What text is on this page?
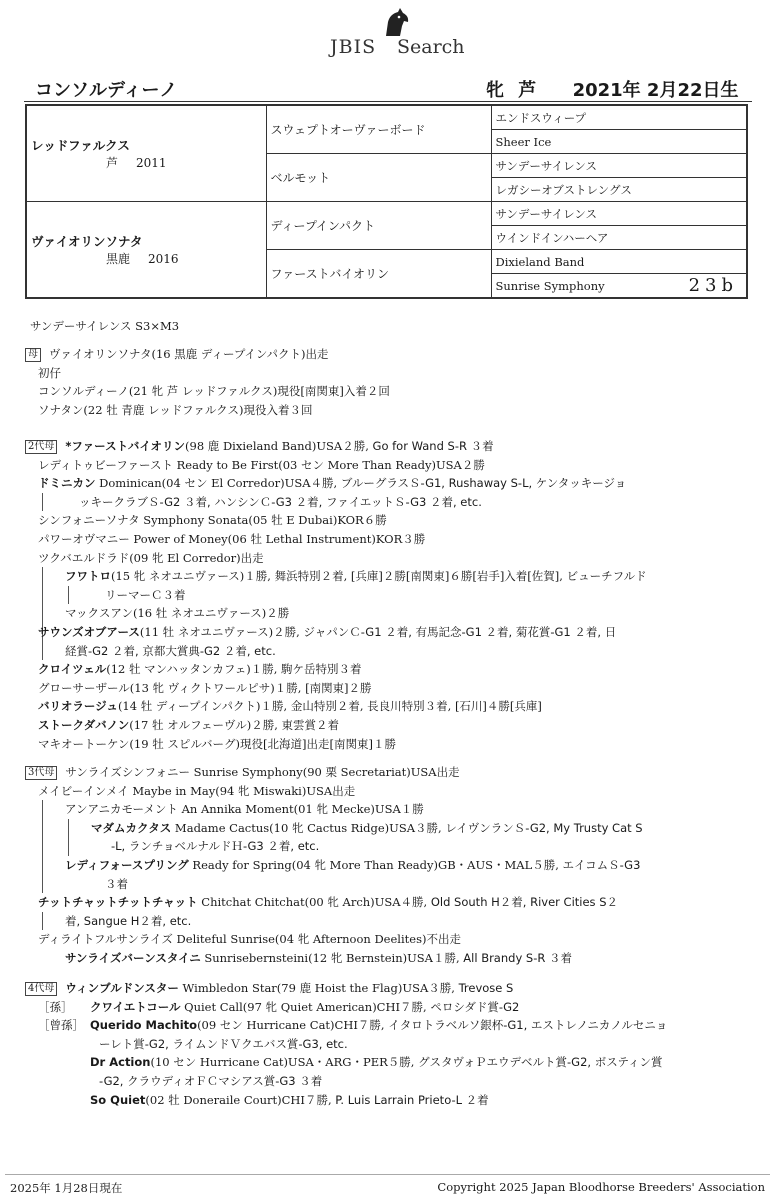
JBIS Search
コンソルディーノ	牝 芦 2021年 2月22日生
レッドファルクス
芦 2011	スウェプトオーヴァーボード	エンドスウィープ
		Sheer Ice
	ベルモット	サンデーサイレンス
		レガシーオブストレングス

ヴァイオリンソナタ
黒鹿 2016	ディープインパクト	サンデーサイレンス
		ウインドインハーヘア
	ファーストバイオリン	Dixieland Band
		Sunrise Symphony 23b
サンデーサイレンス S3×M3
母 ヴァイオリンソナタ(16 黒鹿 ディープインパクト)出走
初仔
コンソルディーノ(21 牝 芦 レッドファルクス)現役[南関東]入着２回
ソナタン(22 牡 青鹿 レッドファルクス)現役入着３回
2代母 *ファーストバイオリン(98 鹿 Dixieland Band)USA２勝, Go for Wand S-R ３着
レディトゥビーファースト Ready to Be First(03 セン More Than Ready)USA２勝
ドミニカン Dominican(04 セン El Corredor)USA４勝, ブルーグラスＳ-G1, Rushaway S-L, ケンタッキージョ
ッキークラブＳ-G2 ３着, ハンシンＣ-G3 ２着, ファイエットＳ-G3 ２着, etc.
シンフォニーソナタ Symphony Sonata(05 牡 E Dubai)KOR６勝
パワーオヴマニー Power of Money(06 牡 Lethal Instrument)KOR３勝
ツクバエルドラド(09 牝 El Corredor)出走
フワトロ(15 牝 ネオユニヴァース)１勝, 舞浜特別２着, [兵庫]２勝[南関東]６勝[岩手]入着[佐賀], ビューチフルド
リーマーＣ３着
マックスアン(16 牡 ネオユニヴァース)２勝
サウンズオブアース(11 牡 ネオユニヴァース)２勝, ジャパンＣ-G1 ２着, 有馬記念-G1 ２着, 菊花賞-G1 ２着, 日
経賞-G2 ２着, 京都大賞典-G2 ２着, etc.
クロイツェル(12 牡 マンハッタンカフェ)１勝, 駒ケ岳特別３着
グローサーザール(13 牝 ヴィクトワールピサ)１勝, [南関東]２勝
バリオラージュ(14 牡 ディープインパクト)１勝, 金山特別２着, 長良川特別３着, [石川]４勝[兵庫]
ストークダバノン(17 牡 オルフェーヴル)２勝, 東雲賞２着
マキオートーケン(19 牡 スピルバーグ)現役[北海道]出走[南関東]１勝
3代母 サンライズシンフォニー Sunrise Symphony(90 栗 Secretariat)USA出走
メイビーインメイ Maybe in May(94 牝 Miswaki)USA出走
アンアニカモーメント An Annika Moment(01 牝 Mecke)USA１勝
マダムカクタス Madame Cactus(10 牝 Cactus Ridge)USA３勝, レイヴンランＳ-G2, My Trusty Cat S
-L, ランチョベルナルドＨ-G3 ２着, etc.
レディフォースプリング Ready for Spring(04 牝 More Than Ready)GB・AUS・MAL５勝, エイコムＳ-G3
３着
チットチャットチットチャット Chitchat Chitchat(00 牝 Arch)USA４勝, Old South H２着, River Cities S２
着, Sangue H２着, etc.
ディライトフルサンライズ Deliteful Sunrise(04 牝 Afternoon Deelites)不出走
サンライズバーンスタイニ Sunrisebernsteini(12 牝 Bernstein)USA１勝, All Brandy S-R ３着
4代母 ウィンブルドンスター Wimbledon Star(79 鹿 Hoist the Flag)USA３勝, Trevose S
［孫］ クワイエトコール Quiet Call(97 牝 Quiet American)CHI７勝, ペロシダド賞-G2
［曾孫］ Querido Machito(09 セン Hurricane Cat)CHI７勝, イタロトラベルソ銀杯-G1, エストレノニカノルセニョ
ーレト賞-G2, ライムンドＶクエバス賞-G3, etc.
Dr Action(10 セン Hurricane Cat)USA・ARG・PER５勝, グスタヴォＰエウデベルト賞-G2, ボスティン賞
-G2, クラウディオＦＣマシアス賞-G3 ３着
So Quiet(02 牡 Doneraile Court)CHI７勝, P. Luis Larrain Prieto-L ２着
2025年 1月28日現在	Copyright 2025 Japan Bloodhorse Breeders' Association
